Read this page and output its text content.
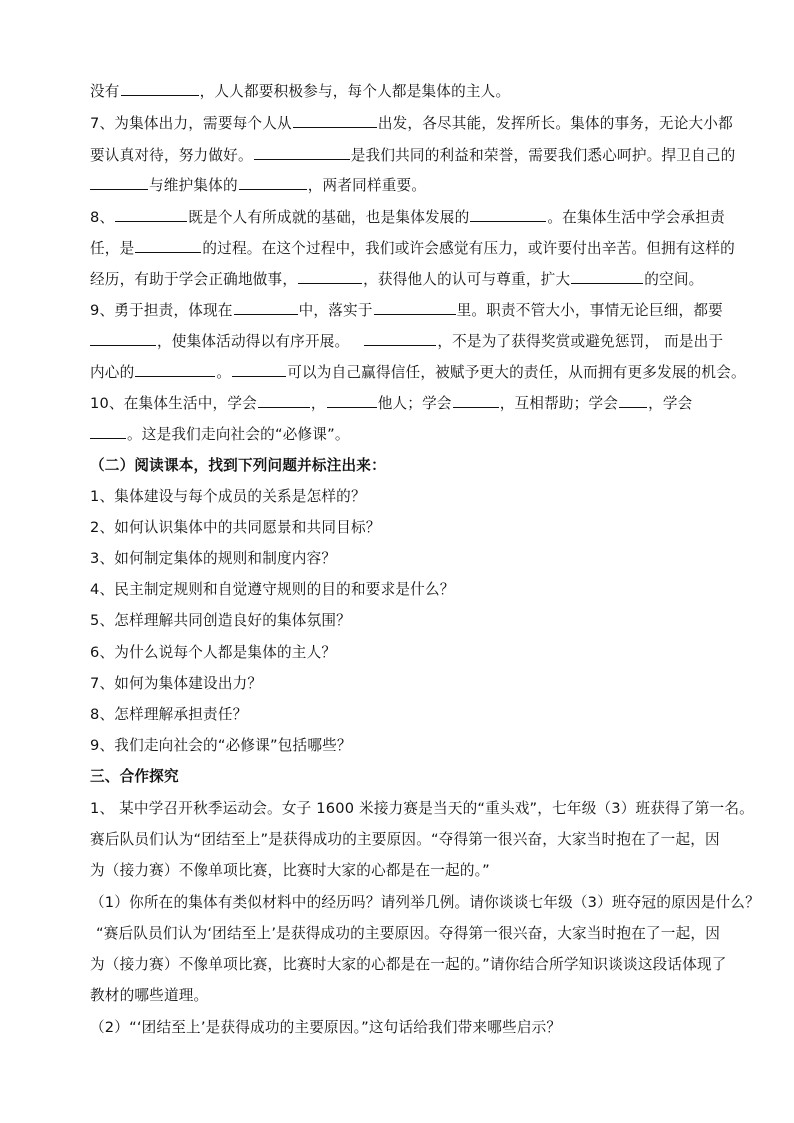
没有	，人人都要积极参与，每个人都是集体的主人。
7、为集体出力，需要每个人从	出发，各尽其能，发挥所长。集体的事务，无论大小都
要认真对待，努力做好。	是我们共同的利益和荣誉，需要我们悉心呵护。捍卫自己的
与维护集体的	，两者同样重要。
8、	既是个人有所成就的基础，也是集体发展的	。在集体生活中学会承担责
任，是	的过程。在这个过程中，我们或许会感觉有压力，或许要付出辛苦。但拥有这样的
经历，有助于学会正确地做事，	，获得他人的认可与尊重，扩大	的空间。
9、勇于担责，体现在	中，落实于	里。职责不管大小，事情无论巨细，都要
，使集体活动得以有序开展。	，不是为了获得奖赏或避免惩罚， 而是出于
内心的	。	可以为自己赢得信任，被赋予更大的责任，从而拥有更多发展的机会。
10、在集体生活中，学会	，	他人；学会	，互相帮助；学会 ，学会
。这是我们走向社会的“必修课”。
（二）阅读课本，找到下列问题并标注出来：
1、集体建设与每个成员的关系是怎样的？
2、如何认识集体中的共同愿景和共同目标？
3、如何制定集体的规则和制度内容？
4、民主制定规则和自觉遵守规则的目的和要求是什么？
5、怎样理解共同创造良好的集体氛围？
6、为什么说每个人都是集体的主人？
7、如何为集体建设出力？
8、怎样理解承担责任？
9、我们走向社会的“必修课”包括哪些？
三、合作探究
1、 某中学召开秋季运动会。女子 1600 米接力赛是当天的“重头戏”，七年级（3）班获得了第一名。
赛后队员们认为“团结至上”是获得成功的主要原因。“夺得第一很兴奋，大家当时抱在了一起，因
为（接力赛）不像单项比赛，比赛时大家的心都是在一起的。”
（1）你所在的集体有类似材料中的经历吗？请列举几例。请你谈谈七年级（3）班夺冠的原因是什么？
“赛后队员们认为‘团结至上’是获得成功的主要原因。夺得第一很兴奋，大家当时抱在了一起，因
为（接力赛）不像单项比赛，比赛时大家的心都是在一起的。”请你结合所学知识谈谈这段话体现了
教材的哪些道理。
（2）“‘团结至上’是获得成功的主要原因。”这句话给我们带来哪些启示？
